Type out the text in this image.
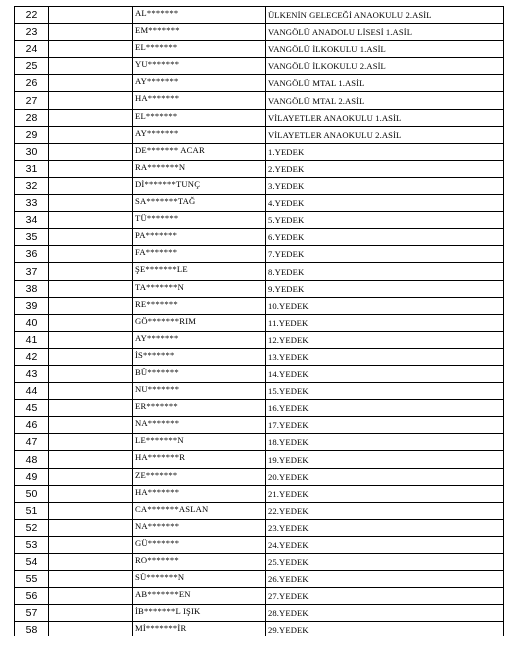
22		AL*******	ÜLKENİN GELECEĞİ ANAOKULU 2.ASİL
23		EM*******	VANGÖLÜ ANADOLU LİSESİ 1.ASİL
24		EL*******	VANGÖLÜ İLKOKULU 1.ASİL
25		YU*******	VANGÖLÜ İLKOKULU 2.ASİL
26		AY*******	VANGÖLÜ MTAL 1.ASİL
27		HA*******	VANGÖLÜ MTAL 2.ASİL
28		EL*******	VİLAYETLER ANAOKULU 1.ASİL
29		AY*******	VİLAYETLER ANAOKULU 2.ASİL
30		DE******* ACAR	1.YEDEK
31		RA*******N	2.YEDEK
32		Dİ*******TUNÇ	3.YEDEK
33		SA*******TAĞ	4.YEDEK
34		TÜ*******	5.YEDEK
35		PA*******	6.YEDEK
36		FA*******	7.YEDEK
37		ŞE*******LE	8.YEDEK
38		TA*******N	9.YEDEK
39		RE*******	10.YEDEK
40		GÖ*******RIM	11.YEDEK
41		AY*******	12.YEDEK
42		İS*******	13.YEDEK
43		BÜ*******	14.YEDEK
44		NU*******	15.YEDEK
45		ER*******	16.YEDEK
46		NA*******	17.YEDEK
47		LE*******N	18.YEDEK
48		HA*******R	19.YEDEK
49		ZE*******	20.YEDEK
50		HA*******	21.YEDEK
51		CA*******ASLAN	22.YEDEK
52		NA*******	23.YEDEK
53		GÜ*******	24.YEDEK
54		RO*******	25.YEDEK
55		SÜ*******N	26.YEDEK
56		AB*******EN	27.YEDEK
57		İB*******L IŞIK	28.YEDEK
58		Mİ*******İR	29.YEDEK
